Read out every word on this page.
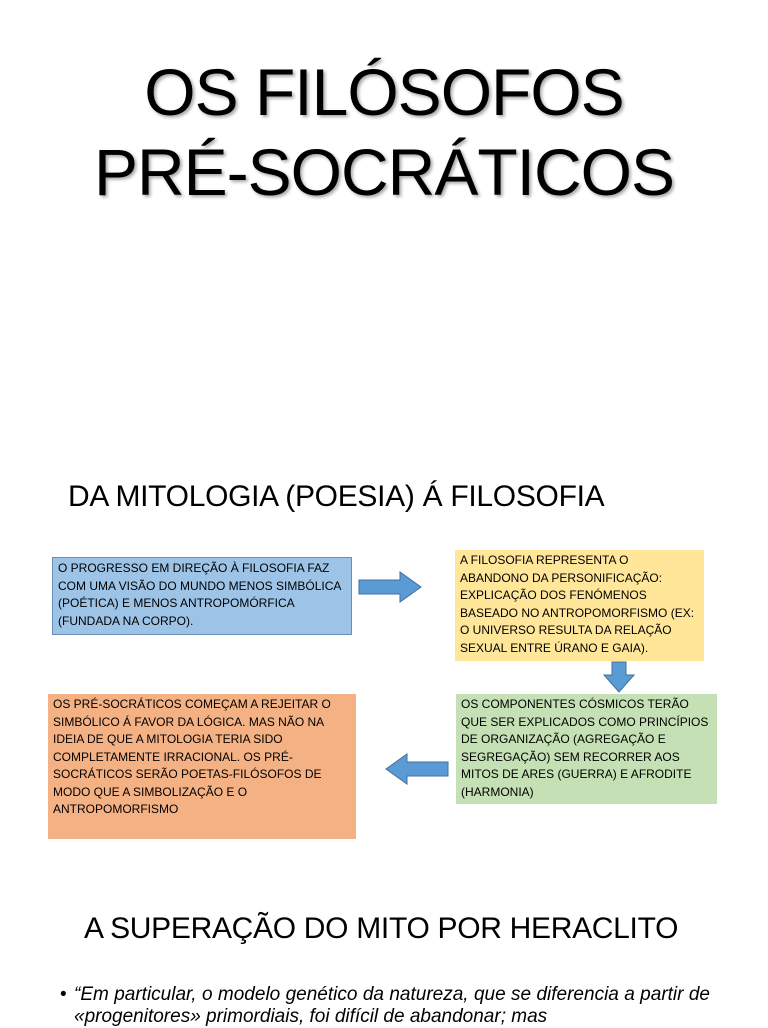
OS FILÓSOFOS
PRÉ-SOCRÁTICOS
DA MITOLOGIA (POESIA) Á FILOSOFIA
O PROGRESSO EM DIREÇÃO À FILOSOFIA FAZ COM UMA VISÃO DO MUNDO MENOS SIMBÓLICA (POÉTICA) E MENOS ANTROPOMÓRFICA (FUNDADA NA CORPO).
A FILOSOFIA REPRESENTA O ABANDONO DA PERSONIFICAÇÃO: EXPLICAÇÃO DOS FENÓMENOS BASEADO NO ANTROPOMORFISMO (EX: O UNIVERSO RESULTA DA RELAÇÃO SEXUAL ENTRE ÚRANO E GAIA).
OS COMPONENTES CÓSMICOS TERÃO QUE SER EXPLICADOS COMO PRINCÍPIOS DE ORGANIZAÇÃO (AGREGAÇÃO E SEGREGAÇÃO) SEM RECORRER AOS MITOS DE ARES (GUERRA) E AFRODITE (HARMONIA)
OS PRÉ-SOCRÁTICOS COMEÇAM A REJEITAR O SIMBÓLICO Á FAVOR DA LÓGICA. MAS NÃO NA IDEIA DE QUE A MITOLOGIA TERIA SIDO COMPLETAMENTE IRRACIONAL. OS PRÉ-SOCRÁTICOS SERÃO POETAS-FILÓSOFOS DE MODO QUE A SIMBOLIZAÇÃO E O ANTROPOMORFISMO
A SUPERAÇÃO DO MITO POR HERACLITO
• “Em particular, o modelo genético da natureza, que se diferencia a partir de «progenitores» primordiais, foi difícil de abandonar; mas
